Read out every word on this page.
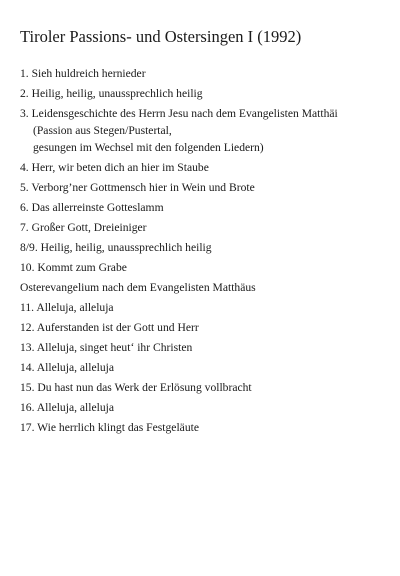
Tiroler Passions- und Ostersingen I (1992)
1. Sieh huldreich hernieder
2. Heilig, heilig, unaussprechlich heilig
3. Leidensgeschichte des Herrn Jesu nach dem Evangelisten Matthäi
(Passion aus Stegen/Pustertal,
gesungen im Wechsel mit den folgenden Liedern)
4. Herr, wir beten dich an hier im Staube
5. Verborg’ner Gottmensch hier in Wein und Brote
6. Das allerreinste Gotteslamm
7. Großer Gott, Dreieiniger
8/9. Heilig, heilig, unaussprechlich heilig
10. Kommt zum Grabe
Osterevangelium nach dem Evangelisten Matthäus
11. Alleluja, alleluja
12. Auferstanden ist der Gott und Herr
13. Alleluja, singet heut‘ ihr Christen
14. Alleluja, alleluja
15. Du hast nun das Werk der Erlösung vollbracht
16. Alleluja, alleluja
17. Wie herrlich klingt das Festgeläute
